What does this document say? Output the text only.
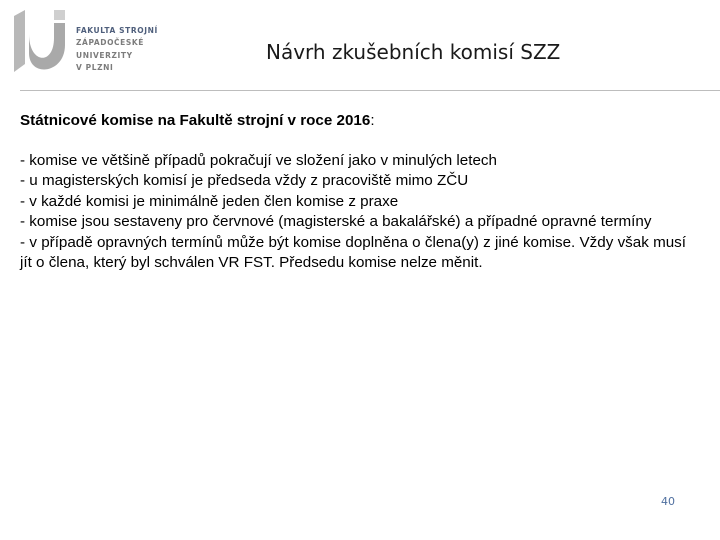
FAKULTA STROJNÍ
ZÁPADOČESKÉ
UNIVERZITY
V PLZNI
Návrh zkušebních komisí SZZ

Státnicové komise na Fakultě strojní v roce 2016:

- komise ve většině případů pokračují ve složení jako v minulých letech

- u magisterských komisí je předseda vždy z pracoviště mimo ZČU

- v každé komisi je minimálně jeden člen komise z praxe

- komise jsou sestaveny pro červnové (magisterské a bakalářské) a případné opravné termíny

- v případě opravných termínů může být komise doplněna o člena(y) z jiné komise. Vždy však musí jít o člena, který byl schválen VR FST. Předsedu komise nelze měnit.

40
